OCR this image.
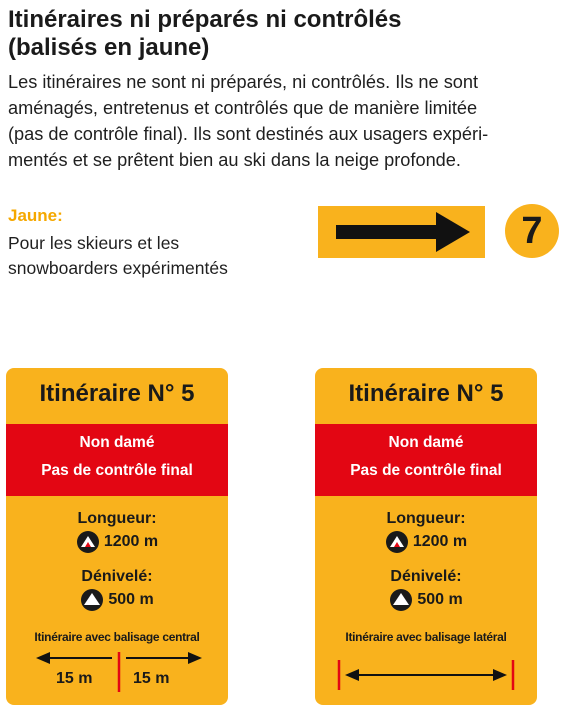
Itinéraires ni préparés ni contrôlés
(balisés en jaune)
Les itinéraires ne sont ni préparés, ni contrôlés. Ils ne sont
aménagés, entretenus et contrôlés que de manière limitée
(pas de contrôle final). Ils sont destinés aux usagers expéri-
mentés et se prêtent bien au ski dans la neige profonde.
Jaune:
Pour les skieurs et les
snowboarders expérimentés
7
Itinéraire N° 5
Non damé
Pas de contrôle final
Longueur:
1200 m
Dénivelé:
500 m
Itinéraire avec balisage central
15 m	15 m
Itinéraire N° 5
Non damé
Pas de contrôle final
Longueur:
1200 m
Dénivelé:
500 m
Itinéraire avec balisage latéral
